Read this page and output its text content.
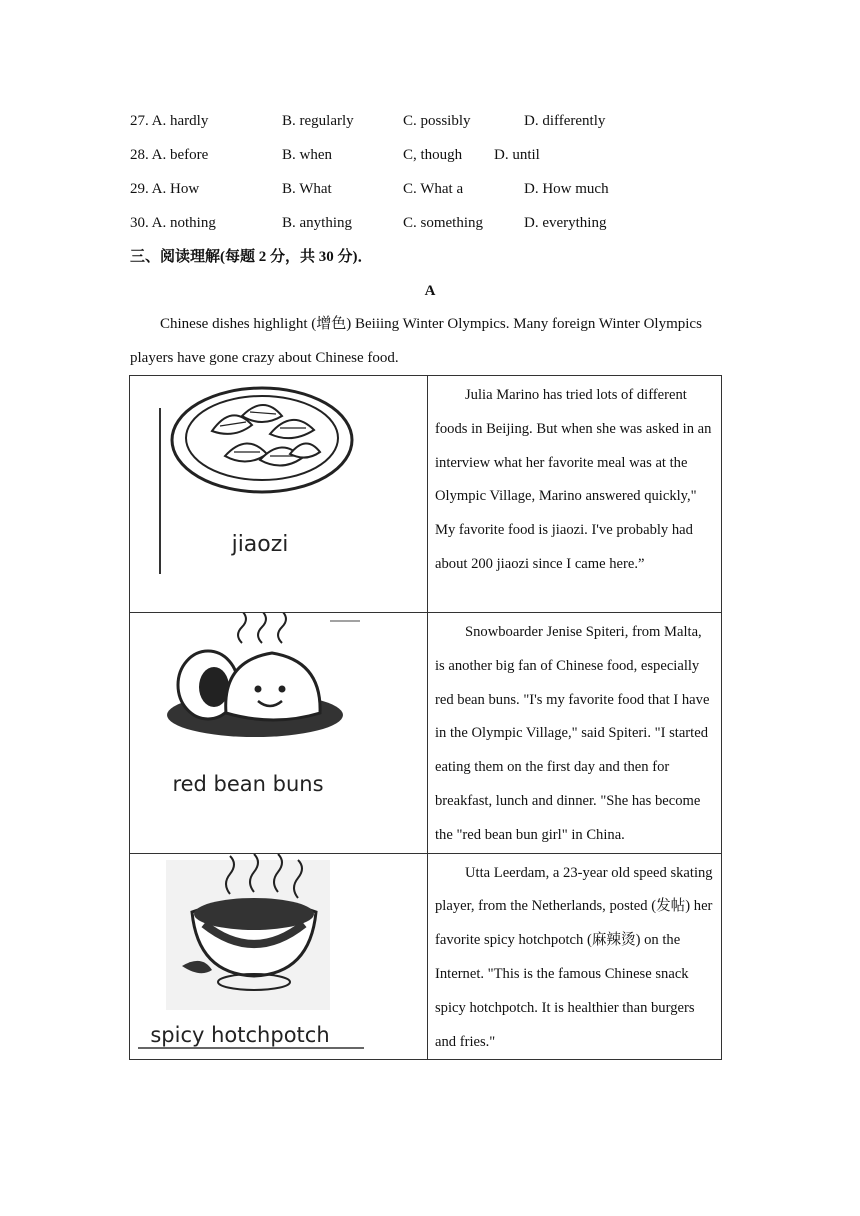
27. A. hardly	B. regularly	C. possibly	D. differently
28. A. before	B. when	C, though D. until
29. A. How	B. What	C. What a	D. How much
30. A. nothing	B. anything	C. something	D. everything
三、阅读理解(每题 2 分，共 30 分)．
A
Chinese dishes highlight (增色) Beiiing Winter Olympics. Many foreign Winter Olympics
players have gone crazy about Chinese food.
jiaozi	Julia Marino has tried lots of different foods in Beijing. But when she was asked in an interview what her favorite meal was at the Olympic Village, Marino answered quickly," My favorite food is jiaozi. I've probably had about 200 jiaozi since I came here.”

red bean buns	Snowboarder Jenise Spiteri, from Malta, is another big fan of Chinese food, especially red bean buns. "I's my favorite food that I have in the Olympic Village," said Spiteri. "I started eating them on the first day and then for breakfast, lunch and dinner. "She has become the "red bean bun girl" in China.

spicy hotchpotch	Utta Leerdam, a 23-year old speed skating player, from the Netherlands, posted (发帖) her favorite spicy hotchpotch (麻辣烫) on the Internet. "This is the famous Chinese snack spicy hotchpotch. It is healthier than burgers and fries."
